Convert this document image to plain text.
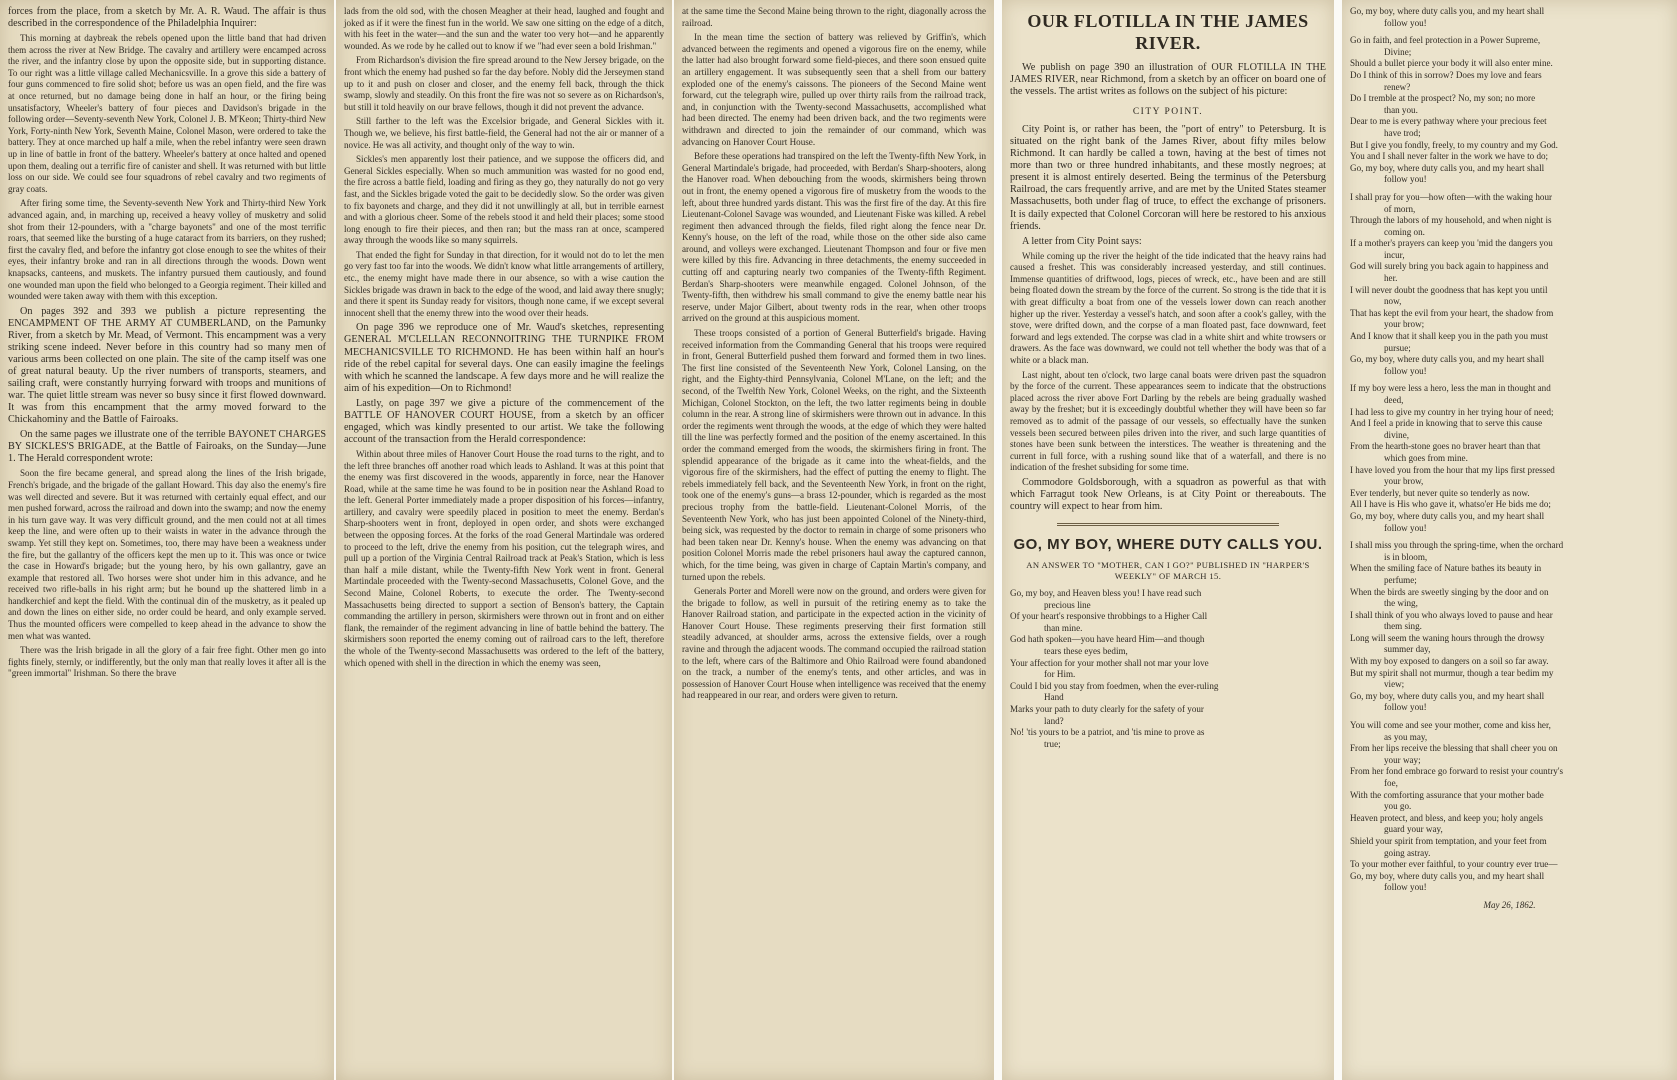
forces from the place, from a sketch by Mr. A. R. Waud. The affair is thus described in the correspondence of the Philadelphia Inquirer:

This morning at daybreak the rebels opened upon the little band that had driven them across the river at New Bridge. The cavalry and artillery were encamped across the river, and the infantry close by upon the opposite side, but in supporting distance. To our right was a little village called Mechanicsville. In a grove this side a battery of four guns commenced to fire solid shot; before us was an open field, and the fire was at once returned, but no damage being done in half an hour, or the firing being unsatisfactory, Wheeler's battery of four pieces and Davidson's brigade in the following order—Seventy-seventh New York, Colonel J. B. M'Keon; Thirty-third New York, Forty-ninth New York, Seventh Maine, Colonel Mason, were ordered to take the battery. They at once marched up half a mile, when the rebel infantry were seen drawn up in line of battle in front of the battery. Wheeler's battery at once halted and opened upon them, dealing out a terrific fire of canister and shell. It was returned with but little loss on our side. We could see four squadrons of rebel cavalry and two regiments of gray coats.

After firing some time, the Seventy-seventh New York and Thirty-third New York advanced again, and, in marching up, received a heavy volley of musketry and solid shot from their 12-pounders, with a "charge bayonets" and one of the most terrific roars, that seemed like the bursting of a huge cataract from its barriers, on they rushed; first the cavalry fled, and before the infantry got close enough to see the whites of their eyes, their infantry broke and ran in all directions through the woods. Down went knapsacks, canteens, and muskets. The infantry pursued them cautiously, and found one wounded man upon the field who belonged to a Georgia regiment. Their killed and wounded were taken away with them with this exception.

On pages 392 and 393 we publish a picture representing the ENCAMPMENT OF THE ARMY AT CUMBERLAND, on the Pamunky River, from a sketch by Mr. Mead, of Vermont. This encampment was a very striking scene indeed. Never before in this country had so many men of various arms been collected on one plain. The site of the camp itself was one of great natural beauty. Up the river numbers of transports, steamers, and sailing craft, were constantly hurrying forward with troops and munitions of war. The quiet little stream was never so busy since it first flowed downward. It was from this encampment that the army moved forward to the Chickahominy and the Battle of Fairoaks.

On the same pages we illustrate one of the terrible BAYONET CHARGES BY SICKLES'S BRIGADE, at the Battle of Fairoaks, on the Sunday—June 1. The Herald correspondent wrote:

Soon the fire became general, and spread along the lines of the Irish brigade, French's brigade, and the brigade of the gallant Howard. This day also the enemy's fire was well directed and severe. But it was returned with certainly equal effect, and our men pushed forward, across the railroad and down into the swamp; and now the enemy in his turn gave way. It was very difficult ground, and the men could not at all times keep the line, and were often up to their waists in water in the advance through the swamp. Yet still they kept on. Sometimes, too, there may have been a weakness under the fire, but the gallantry of the officers kept the men up to it. This was once or twice the case in Howard's brigade; but the young hero, by his own gallantry, gave an example that restored all. Two horses were shot under him in this advance, and he received two rifle-balls in his right arm; but he bound up the shattered limb in a handkerchief and kept the field. With the continual din of the musketry, as it pealed up and down the lines on either side, no order could be heard, and only example served. Thus the mounted officers were compelled to keep ahead in the advance to show the men what was wanted.

There was the Irish brigade in all the glory of a fair free fight. Other men go into fights finely, sternly, or indifferently, but the only man that really loves it after all is the "green immortal" Irishman. So there the brave

lads from the old sod, with the chosen Meagher at their head, laughed and fought and joked as if it were the finest fun in the world. We saw one sitting on the edge of a ditch, with his feet in the water—and the sun and the water too very hot—and he apparently wounded. As we rode by he called out to know if we "had ever seen a bold Irishman."

From Richardson's division the fire spread around to the New Jersey brigade, on the front which the enemy had pushed so far the day before. Nobly did the Jerseymen stand up to it and push on closer and closer, and the enemy fell back, through the thick swamp, slowly and steadily. On this front the fire was not so severe as on Richardson's, but still it told heavily on our brave fellows, though it did not prevent the advance.

Still farther to the left was the Excelsior brigade, and General Sickles with it. Though we, we believe, his first battle-field, the General had not the air or manner of a novice. He was all activity, and thought only of the way to win.

Sickles's men apparently lost their patience, and we suppose the officers did, and General Sickles especially. When so much ammunition was wasted for no good end, the fire across a battle field, loading and firing as they go, they naturally do not go very fast, and the Sickles brigade voted the gait to be decidedly slow. So the order was given to fix bayonets and charge, and they did it not unwillingly at all, but in terrible earnest and with a glorious cheer. Some of the rebels stood it and held their places; some stood long enough to fire their pieces, and then ran; but the mass ran at once, scampered away through the woods like so many squirrels.

That ended the fight for Sunday in that direction, for it would not do to let the men go very fast too far into the woods. We didn't know what little arrangements of artillery, etc., the enemy might have made there in our absence, so with a wise caution the Sickles brigade was drawn in back to the edge of the wood, and laid away there snugly; and there it spent its Sunday ready for visitors, though none came, if we except several innocent shell that the enemy threw into the wood over their heads.

On page 396 we reproduce one of Mr. Waud's sketches, representing GENERAL M'CLELLAN RECONNOITRING THE TURNPIKE FROM MECHANICSVILLE TO RICHMOND. He has been within half an hour's ride of the rebel capital for several days. One can easily imagine the feelings with which he scanned the landscape. A few days more and he will realize the aim of his expedition—On to Richmond!

Lastly, on page 397 we give a picture of the commencement of the BATTLE OF HANOVER COURT HOUSE, from a sketch by an officer engaged, which was kindly presented to our artist. We take the following account of the transaction from the Herald correspondence:

Within about three miles of Hanover Court House the road turns to the right, and to the left three branches off another road which leads to Ashland. It was at this point that the enemy was first discovered in the woods, apparently in force, near the Hanover Road, while at the same time he was found to be in position near the Ashland Road to the left. General Porter immediately made a proper disposition of his forces—infantry, artillery, and cavalry were speedily placed in position to meet the enemy. Berdan's Sharp-shooters went in front, deployed in open order, and shots were exchanged between the opposing forces. At the forks of the road General Martindale was ordered to proceed to the left, drive the enemy from his position, cut the telegraph wires, and pull up a portion of the Virginia Central Railroad track at Peak's Station, which is less than half a mile distant, while the Twenty-fifth New York went in front. General Martindale proceeded with the Twenty-second Massachusetts, Colonel Gove, and the Second Maine, Colonel Roberts, to execute the order. The Twenty-second Massachusetts being directed to support a section of Benson's battery, the Captain commanding the artillery in person, skirmishers were thrown out in front and on either flank, the remainder of the regiment advancing in line of battle behind the battery. The skirmishers soon reported the enemy coming out of railroad cars to the left, therefore the whole of the Twenty-second Massachusetts was ordered to the left of the battery, which opened with shell in the direction in which the enemy was seen,

at the same time the Second Maine being thrown to the right, diagonally across the railroad.

In the mean time the section of battery was relieved by Griffin's, which advanced between the regiments and opened a vigorous fire on the enemy, while the latter had also brought forward some field-pieces, and there soon ensued quite an artillery engagement. It was subsequently seen that a shell from our battery exploded one of the enemy's caissons. The pioneers of the Second Maine went forward, cut the telegraph wire, pulled up over thirty rails from the railroad track, and, in conjunction with the Twenty-second Massachusetts, accomplished what had been directed. The enemy had been driven back, and the two regiments were withdrawn and directed to join the remainder of our command, which was advancing on Hanover Court House.

Before these operations had transpired on the left the Twenty-fifth New York, in General Martindale's brigade, had proceeded, with Berdan's Sharp-shooters, along the Hanover road. When debouching from the woods, skirmishers being thrown out in front, the enemy opened a vigorous fire of musketry from the woods to the left, about three hundred yards distant. This was the first fire of the day. At this fire Lieutenant-Colonel Savage was wounded, and Lieutenant Fiske was killed. A rebel regiment then advanced through the fields, filed right along the fence near Dr. Kenny's house, on the left of the road, while those on the other side also came around, and volleys were exchanged. Lieutenant Thompson and four or five men were killed by this fire. Advancing in three detachments, the enemy succeeded in cutting off and capturing nearly two companies of the Twenty-fifth Regiment. Berdan's Sharp-shooters were meanwhile engaged. Colonel Johnson, of the Twenty-fifth, then withdrew his small command to give the enemy battle near his reserve, under Major Gilbert, about twenty rods in the rear, when other troops arrived on the ground at this auspicious moment.

These troops consisted of a portion of General Butterfield's brigade. Having received information from the Commanding General that his troops were required in front, General Butterfield pushed them forward and formed them in two lines. The first line consisted of the Seventeenth New York, Colonel Lansing, on the right, and the Eighty-third Pennsylvania, Colonel M'Lane, on the left; and the second, of the Twelfth New York, Colonel Weeks, on the right, and the Sixteenth Michigan, Colonel Stockton, on the left, the two latter regiments being in double column in the rear. A strong line of skirmishers were thrown out in advance. In this order the regiments went through the woods, at the edge of which they were halted till the line was perfectly formed and the position of the enemy ascertained. In this order the command emerged from the woods, the skirmishers firing in front. The splendid appearance of the brigade as it came into the wheat-fields, and the vigorous fire of the skirmishers, had the effect of putting the enemy to flight. The rebels immediately fell back, and the Seventeenth New York, in front on the right, took one of the enemy's guns—a brass 12-pounder, which is regarded as the most precious trophy from the battle-field. Lieutenant-Colonel Morris, of the Seventeenth New York, who has just been appointed Colonel of the Ninety-third, being sick, was requested by the doctor to remain in charge of some prisoners who had been taken near Dr. Kenny's house. When the enemy was advancing on that position Colonel Morris made the rebel prisoners haul away the captured cannon, which, for the time being, was given in charge of Captain Martin's company, and turned upon the rebels.

Generals Porter and Morell were now on the ground, and orders were given for the brigade to follow, as well in pursuit of the retiring enemy as to take the Hanover Railroad station, and participate in the expected action in the vicinity of Hanover Court House. These regiments preserving their first formation still steadily advanced, at shoulder arms, across the extensive fields, over a rough ravine and through the adjacent woods. The command occupied the railroad station to the left, where cars of the Baltimore and Ohio Railroad were found abandoned on the track, a number of the enemy's tents, and other articles, and was in possession of Hanover Court House when intelligence was received that the enemy had reappeared in our rear, and orders were given to return.

OUR FLOTILLA IN THE JAMES RIVER.

We publish on page 390 an illustration of OUR FLOTILLA IN THE JAMES RIVER, near Richmond, from a sketch by an officer on board one of the vessels. The artist writes as follows on the subject of his picture:

CITY POINT.

City Point is, or rather has been, the "port of entry" to Petersburg. It is situated on the right bank of the James River, about fifty miles below Richmond. It can hardly be called a town, having at the best of times not more than two or three hundred inhabitants, and these mostly negroes; at present it is almost entirely deserted. Being the terminus of the Petersburg Railroad, the cars frequently arrive, and are met by the United States steamer Massachusetts, both under flag of truce, to effect the exchange of prisoners. It is daily expected that Colonel Corcoran will here be restored to his anxious friends.

A letter from City Point says:

While coming up the river the height of the tide indicated that the heavy rains had caused a freshet. This was considerably increased yesterday, and still continues. Immense quantities of driftwood, logs, pieces of wreck, etc., have been and are still being floated down the stream by the force of the current. So strong is the tide that it is with great difficulty a boat from one of the vessels lower down can reach another higher up the river. Yesterday a vessel's hatch, and soon after a cook's galley, with the stove, were drifted down, and the corpse of a man floated past, face downward, feet forward and legs extended. The corpse was clad in a white shirt and white trowsers or drawers. As the face was downward, we could not tell whether the body was that of a white or a black man.

Last night, about ten o'clock, two large canal boats were driven past the squadron by the force of the current. These appearances seem to indicate that the obstructions placed across the river above Fort Darling by the rebels are being gradually washed away by the freshet; but it is exceedingly doubtful whether they will have been so far removed as to admit of the passage of our vessels, so effectually have the sunken vessels been secured between piles driven into the river, and such large quantities of stones have been sunk between the interstices. The weather is threatening and the current in full force, with a rushing sound like that of a waterfall, and there is no indication of the freshet subsiding for some time.

Commodore Goldsborough, with a squadron as powerful as that with which Farragut took New Orleans, is at City Point or thereabouts. The country will expect to hear from him.

GO, MY BOY, WHERE DUTY CALLS YOU.
AN ANSWER TO "MOTHER, CAN I GO?" PUBLISHED IN "HARPER'S WEEKLY" OF MARCH 15.
Go, my boy, and Heaven bless you! I have read such
precious line
Of your heart's responsive throbbings to a Higher Call
than mine.
God hath spoken—you have heard Him—and though
tears these eyes bedim,
Your affection for your mother shall not mar your love
for Him.
Could I bid you stay from foedmen, when the ever-ruling
Hand
Marks your path to duty clearly for the safety of your
land?
No! 'tis yours to be a patriot, and 'tis mine to prove as
true;
Go, my boy, where duty calls you, and my heart shall
follow you!
Go in faith, and feel protection in a Power Supreme,
Divine;
Should a bullet pierce your body it will also enter mine.
Do I think of this in sorrow? Does my love and fears
renew?
Do I tremble at the prospect? No, my son; no more
than you.
Dear to me is every pathway where your precious feet
have trod;
But I give you fondly, freely, to my country and my God.
You and I shall never falter in the work we have to do;
Go, my boy, where duty calls you, and my heart shall
follow you!
I shall pray for you—how often—with the waking hour
of morn,
Through the labors of my household, and when night is
coming on.
If a mother's prayers can keep you 'mid the dangers you
incur,
God will surely bring you back again to happiness and
her.
I will never doubt the goodness that has kept you until
now,
That has kept the evil from your heart, the shadow from
your brow;
And I know that it shall keep you in the path you must
pursue;
Go, my boy, where duty calls you, and my heart shall
follow you!
If my boy were less a hero, less the man in thought and
deed,
I had less to give my country in her trying hour of need;
And I feel a pride in knowing that to serve this cause
divine,
From the hearth-stone goes no braver heart than that
which goes from mine.
I have loved you from the hour that my lips first pressed
your brow,
Ever tenderly, but never quite so tenderly as now.
All I have is His who gave it, whatso'er He bids me do;
Go, my boy, where duty calls you, and my heart shall
follow you!
I shall miss you through the spring-time, when the orchard
is in bloom,
When the smiling face of Nature bathes its beauty in
perfume;
When the birds are sweetly singing by the door and on
the wing,
I shall think of you who always loved to pause and hear
them sing.
Long will seem the waning hours through the drowsy
summer day,
With my boy exposed to dangers on a soil so far away.
But my spirit shall not murmur, though a tear bedim my
view;
Go, my boy, where duty calls you, and my heart shall
follow you!
You will come and see your mother, come and kiss her,
as you may,
From her lips receive the blessing that shall cheer you on
your way;
From her fond embrace go forward to resist your country's
foe,
With the comforting assurance that your mother bade
you go.
Heaven protect, and bless, and keep you; holy angels
guard your way,
Shield your spirit from temptation, and your feet from
going astray.
To your mother ever faithful, to your country ever true—
Go, my boy, where duty calls you, and my heart shall
follow you!
May 26, 1862.
